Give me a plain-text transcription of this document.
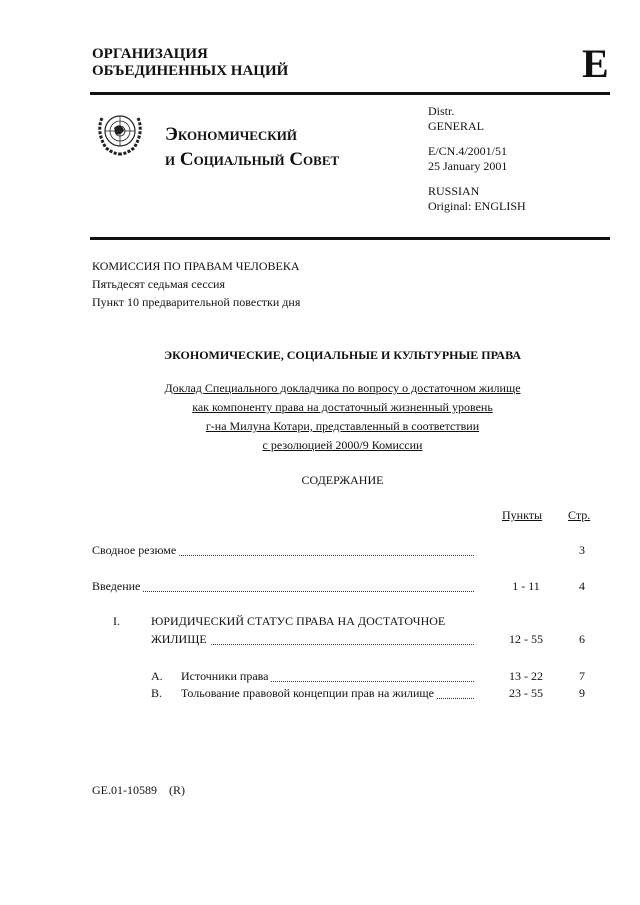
ОРГАНИЗАЦИЯ
ОБЪЕДИНЕННЫХ НАЦИЙ	E
Экономический
и Социальный Совет
Distr.
GENERAL
E/CN.4/2001/51
25 January 2001
RUSSIAN
Original: ENGLISH
КОМИССИЯ ПО ПРАВАМ ЧЕЛОВЕКА
Пятьдесят седьмая сессия
Пункт 10 предварительной повестки дня
ЭКОНОМИЧЕСКИЕ, СОЦИАЛЬНЫЕ И КУЛЬТУРНЫЕ ПРАВА
Доклад Специального докладчика по вопросу о достаточном жилище
как компоненту права на достаточный жизненный уровень
г-на Милуна Котари, представленный в соответствии
с резолюцией 2000/9 Комиссии
СОДЕРЖАНИЕ
Пункты Стр.
Сводное резюме	3
Введение	1 - 11	4
I.	ЮРИДИЧЕСКИЙ СТАТУС ПРАВА НА ДОСТАТОЧНОЕ
ЖИЛИЩЕ	12 - 55	6
A. Источники права	13 - 22	7
B. Тольование правовой концепции прав на жилище	23 - 55	9
GE.01-10589    (R)
